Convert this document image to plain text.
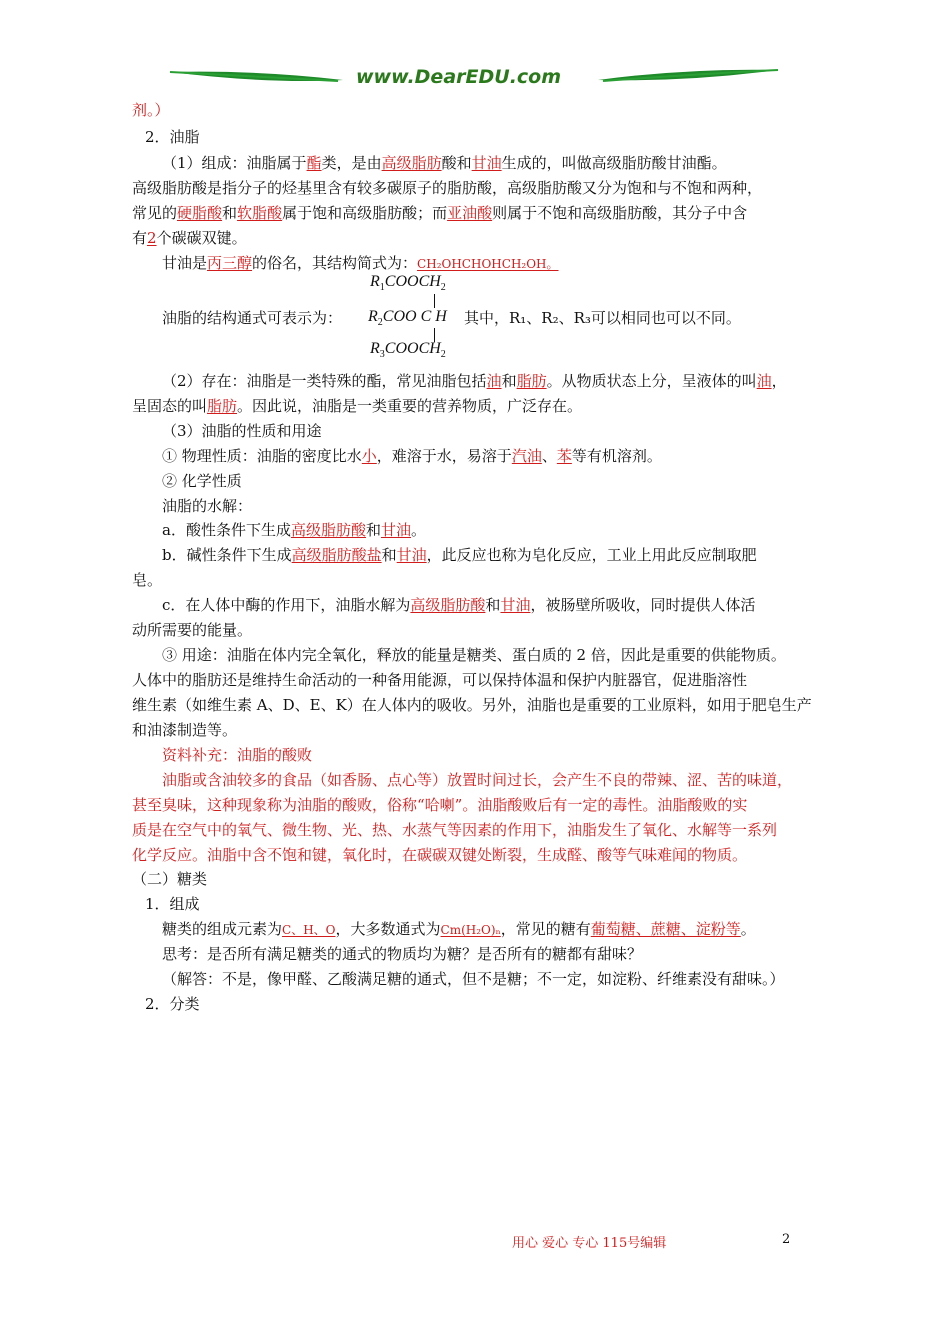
www.DearEDU.com
剂。）
2．油脂
（1）组成：油脂属于酯类，是由高级脂肪酸和甘油生成的，叫做高级脂肪酸甘油酯。
高级脂肪酸是指分子的烃基里含有较多碳原子的脂肪酸，高级脂肪酸又分为饱和与不饱和两种，
常见的硬脂酸和软脂酸属于饱和高级脂肪酸；而亚油酸则属于不饱和高级脂肪酸，其分子中含
有2个碳碳双键。
甘油是丙三醇的俗名，其结构简式为：CH₂OHCHOHCH₂OH。
$R_1COOCH_2$
$R_2COO$ C H
$R_3COOCH_2$
油脂的结构通式可表示为：	其中，R₁、R₂、R₃可以相同也可以不同。
（2）存在：油脂是一类特殊的酯，常见油脂包括油和脂肪。从物质状态上分，呈液体的叫油，
呈固态的叫脂肪。因此说，油脂是一类重要的营养物质，广泛存在。
（3）油脂的性质和用途
① 物理性质：油脂的密度比水小，难溶于水，易溶于汽油、苯等有机溶剂。
② 化学性质
油脂的水解：
a．酸性条件下生成高级脂肪酸和甘油。
b．碱性条件下生成高级脂肪酸盐和甘油，此反应也称为皂化反应，工业上用此反应制取肥
皂。
c．在人体中酶的作用下，油脂水解为高级脂肪酸和甘油，被肠壁所吸收，同时提供人体活
动所需要的能量。
③ 用途：油脂在体内完全氧化，释放的能量是糖类、蛋白质的 2 倍，因此是重要的供能物质。
人体中的脂肪还是维持生命活动的一种备用能源，可以保持体温和保护内脏器官，促进脂溶性
维生素（如维生素 A、D、E、K）在人体内的吸收。另外，油脂也是重要的工业原料，如用于肥皂生产
和油漆制造等。
资料补充：油脂的酸败
油脂或含油较多的食品（如香肠、点心等）放置时间过长，会产生不良的带辣、涩、苦的味道，
甚至臭味，这种现象称为油脂的酸败，俗称“哈喇”。油脂酸败后有一定的毒性。油脂酸败的实
质是在空气中的氧气、微生物、光、热、水蒸气等因素的作用下，油脂发生了氧化、水解等一系列
化学反应。油脂中含不饱和键，氧化时，在碳碳双键处断裂，生成醛、酸等气味难闻的物质。
（二）糖类
1．组成
糖类的组成元素为C、H、O，大多数通式为Cm(H₂O)ₙ，常见的糖有葡萄糖、蔗糖、淀粉等。
思考：是否所有满足糖类的通式的物质均为糖？是否所有的糖都有甜味？
（解答：不是，像甲醛、乙酸满足糖的通式，但不是糖；不一定，如淀粉、纤维素没有甜味。）
2．分类
用心 爱心 专心 115号编辑	2
